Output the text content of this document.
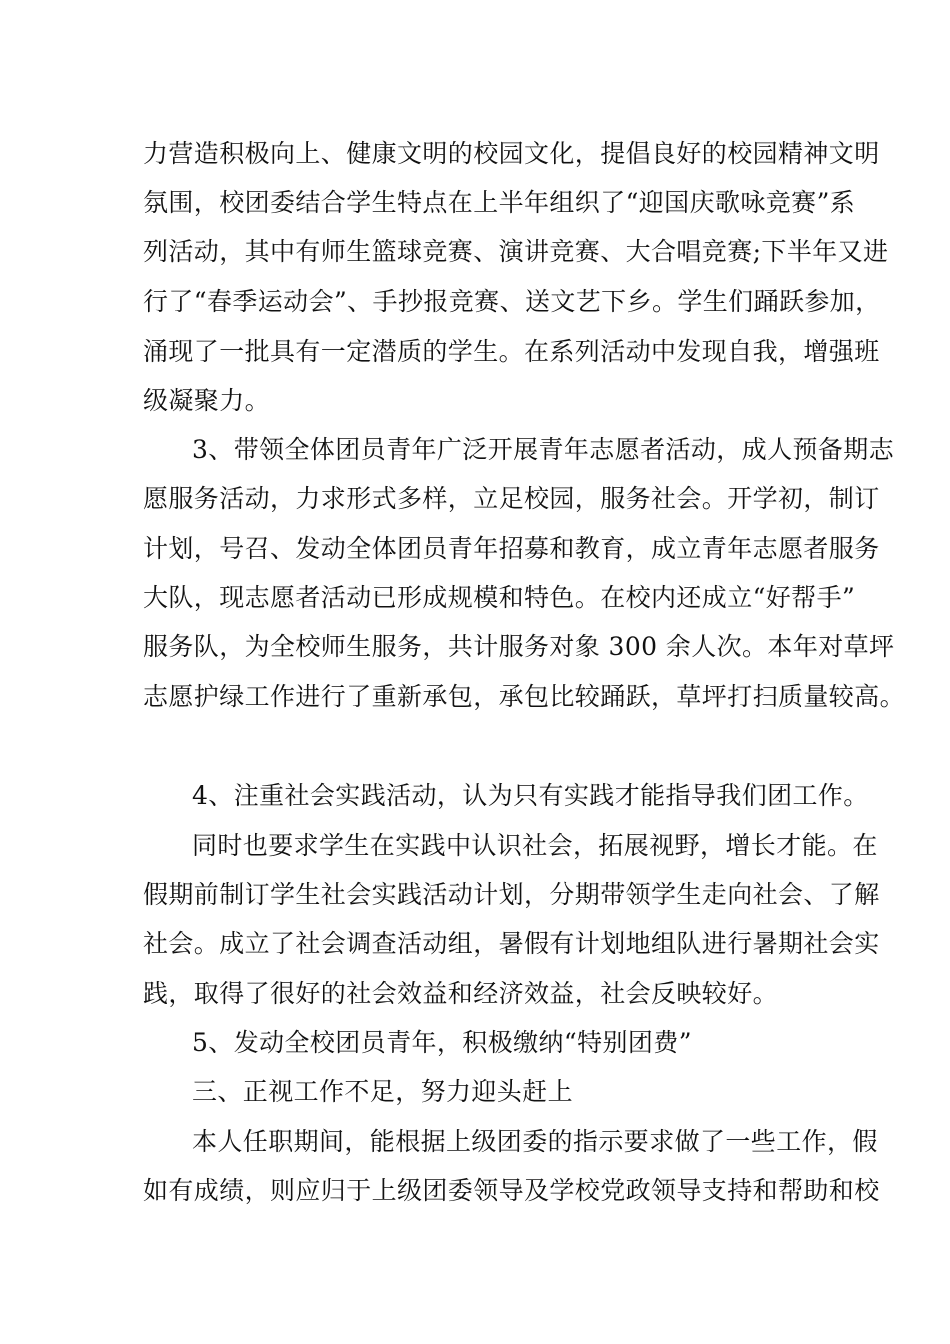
力营造积极向上、健康文明的校园文化，提倡良好的校园精神文明

氛围，校团委结合学生特点在上半年组织了“迎国庆歌咏竞赛”系

列活动，其中有师生篮球竞赛、演讲竞赛、大合唱竞赛;下半年又进

行了“春季运动会”、手抄报竞赛、送文艺下乡。学生们踊跃参加，

涌现了一批具有一定潜质的学生。在系列活动中发现自我，增强班

级凝聚力。

3、带领全体团员青年广泛开展青年志愿者活动，成人预备期志

愿服务活动，力求形式多样，立足校园，服务社会。开学初，制订

计划，号召、发动全体团员青年招募和教育，成立青年志愿者服务

大队，现志愿者活动已形成规模和特色。在校内还成立“好帮手”

服务队，为全校师生服务，共计服务对象 300 余人次。本年对草坪

志愿护绿工作进行了重新承包，承包比较踊跃，草坪打扫质量较高。

4、注重社会实践活动，认为只有实践才能指导我们团工作。

同时也要求学生在实践中认识社会，拓展视野，增长才能。在

假期前制订学生社会实践活动计划，分期带领学生走向社会、了解

社会。成立了社会调查活动组，暑假有计划地组队进行暑期社会实

践，取得了很好的社会效益和经济效益，社会反映较好。

5、发动全校团员青年，积极缴纳“特别团费”

三、正视工作不足，努力迎头赶上

本人任职期间，能根据上级团委的指示要求做了一些工作，假

如有成绩，则应归于上级团委领导及学校党政领导支持和帮助和校
